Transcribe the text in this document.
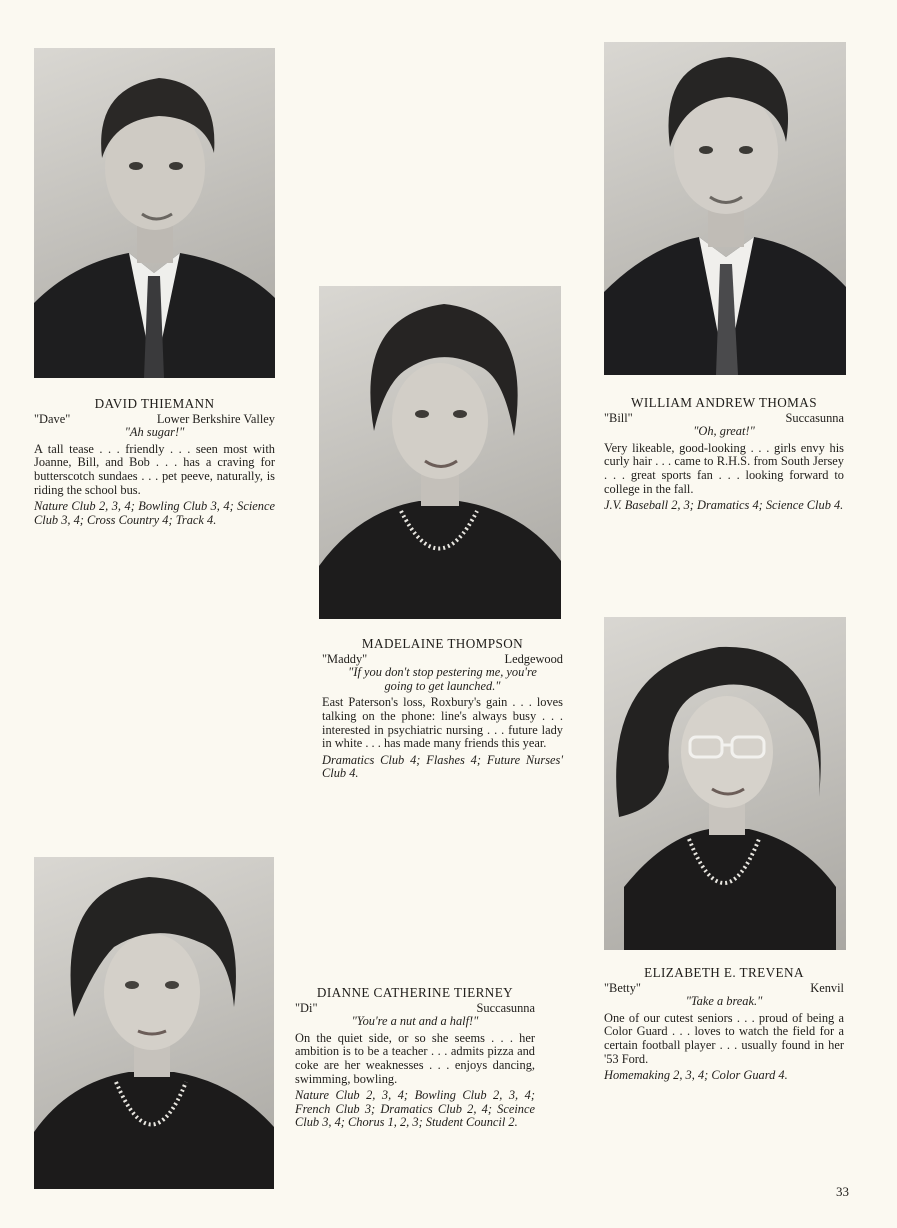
DAVID THIEMANN
"Dave"	Lower Berkshire Valley
"Ah sugar!"
A tall tease . . . friendly . . . seen most with Joanne, Bill, and Bob . . . has a craving for butterscotch sundaes . . . pet peeve, naturally, is riding the school bus.
Nature Club 2, 3, 4; Bowling Club 3, 4; Science Club 3, 4; Cross Country 4; Track 4.
MADELAINE THOMPSON
"Maddy"	Ledgewood
"If you don't stop pestering me, you're going to get launched."
East Paterson's loss, Roxbury's gain . . . loves talking on the phone: line's always busy . . . interested in psychiatric nursing . . . future lady in white . . . has made many friends this year.
Dramatics Club 4; Flashes 4; Future Nurses' Club 4.
WILLIAM ANDREW THOMAS
"Bill"	Succasunna
"Oh, great!"
Very likeable, good-looking . . . girls envy his curly hair . . . came to R.H.S. from South Jersey . . . great sports fan . . . looking forward to college in the fall.
J.V. Baseball 2, 3; Dramatics 4; Science Club 4.
ELIZABETH E. TREVENA
"Betty"	Kenvil
"Take a break."
One of our cutest seniors . . . proud of being a Color Guard . . . loves to watch the field for a certain football player . . . usually found in her '53 Ford.
Homemaking 2, 3, 4; Color Guard 4.
DIANNE CATHERINE TIERNEY
"Di"	Succasunna
"You're a nut and a half!"
On the quiet side, or so she seems . . . her ambition is to be a teacher . . . admits pizza and coke are her weaknesses . . . enjoys dancing, swimming, bowling.
Nature Club 2, 3, 4; Bowling Club 2, 3, 4; French Club 3; Dramatics Club 2, 4; Sceince Club 3, 4; Chorus 1, 2, 3; Student Council 2.
33
